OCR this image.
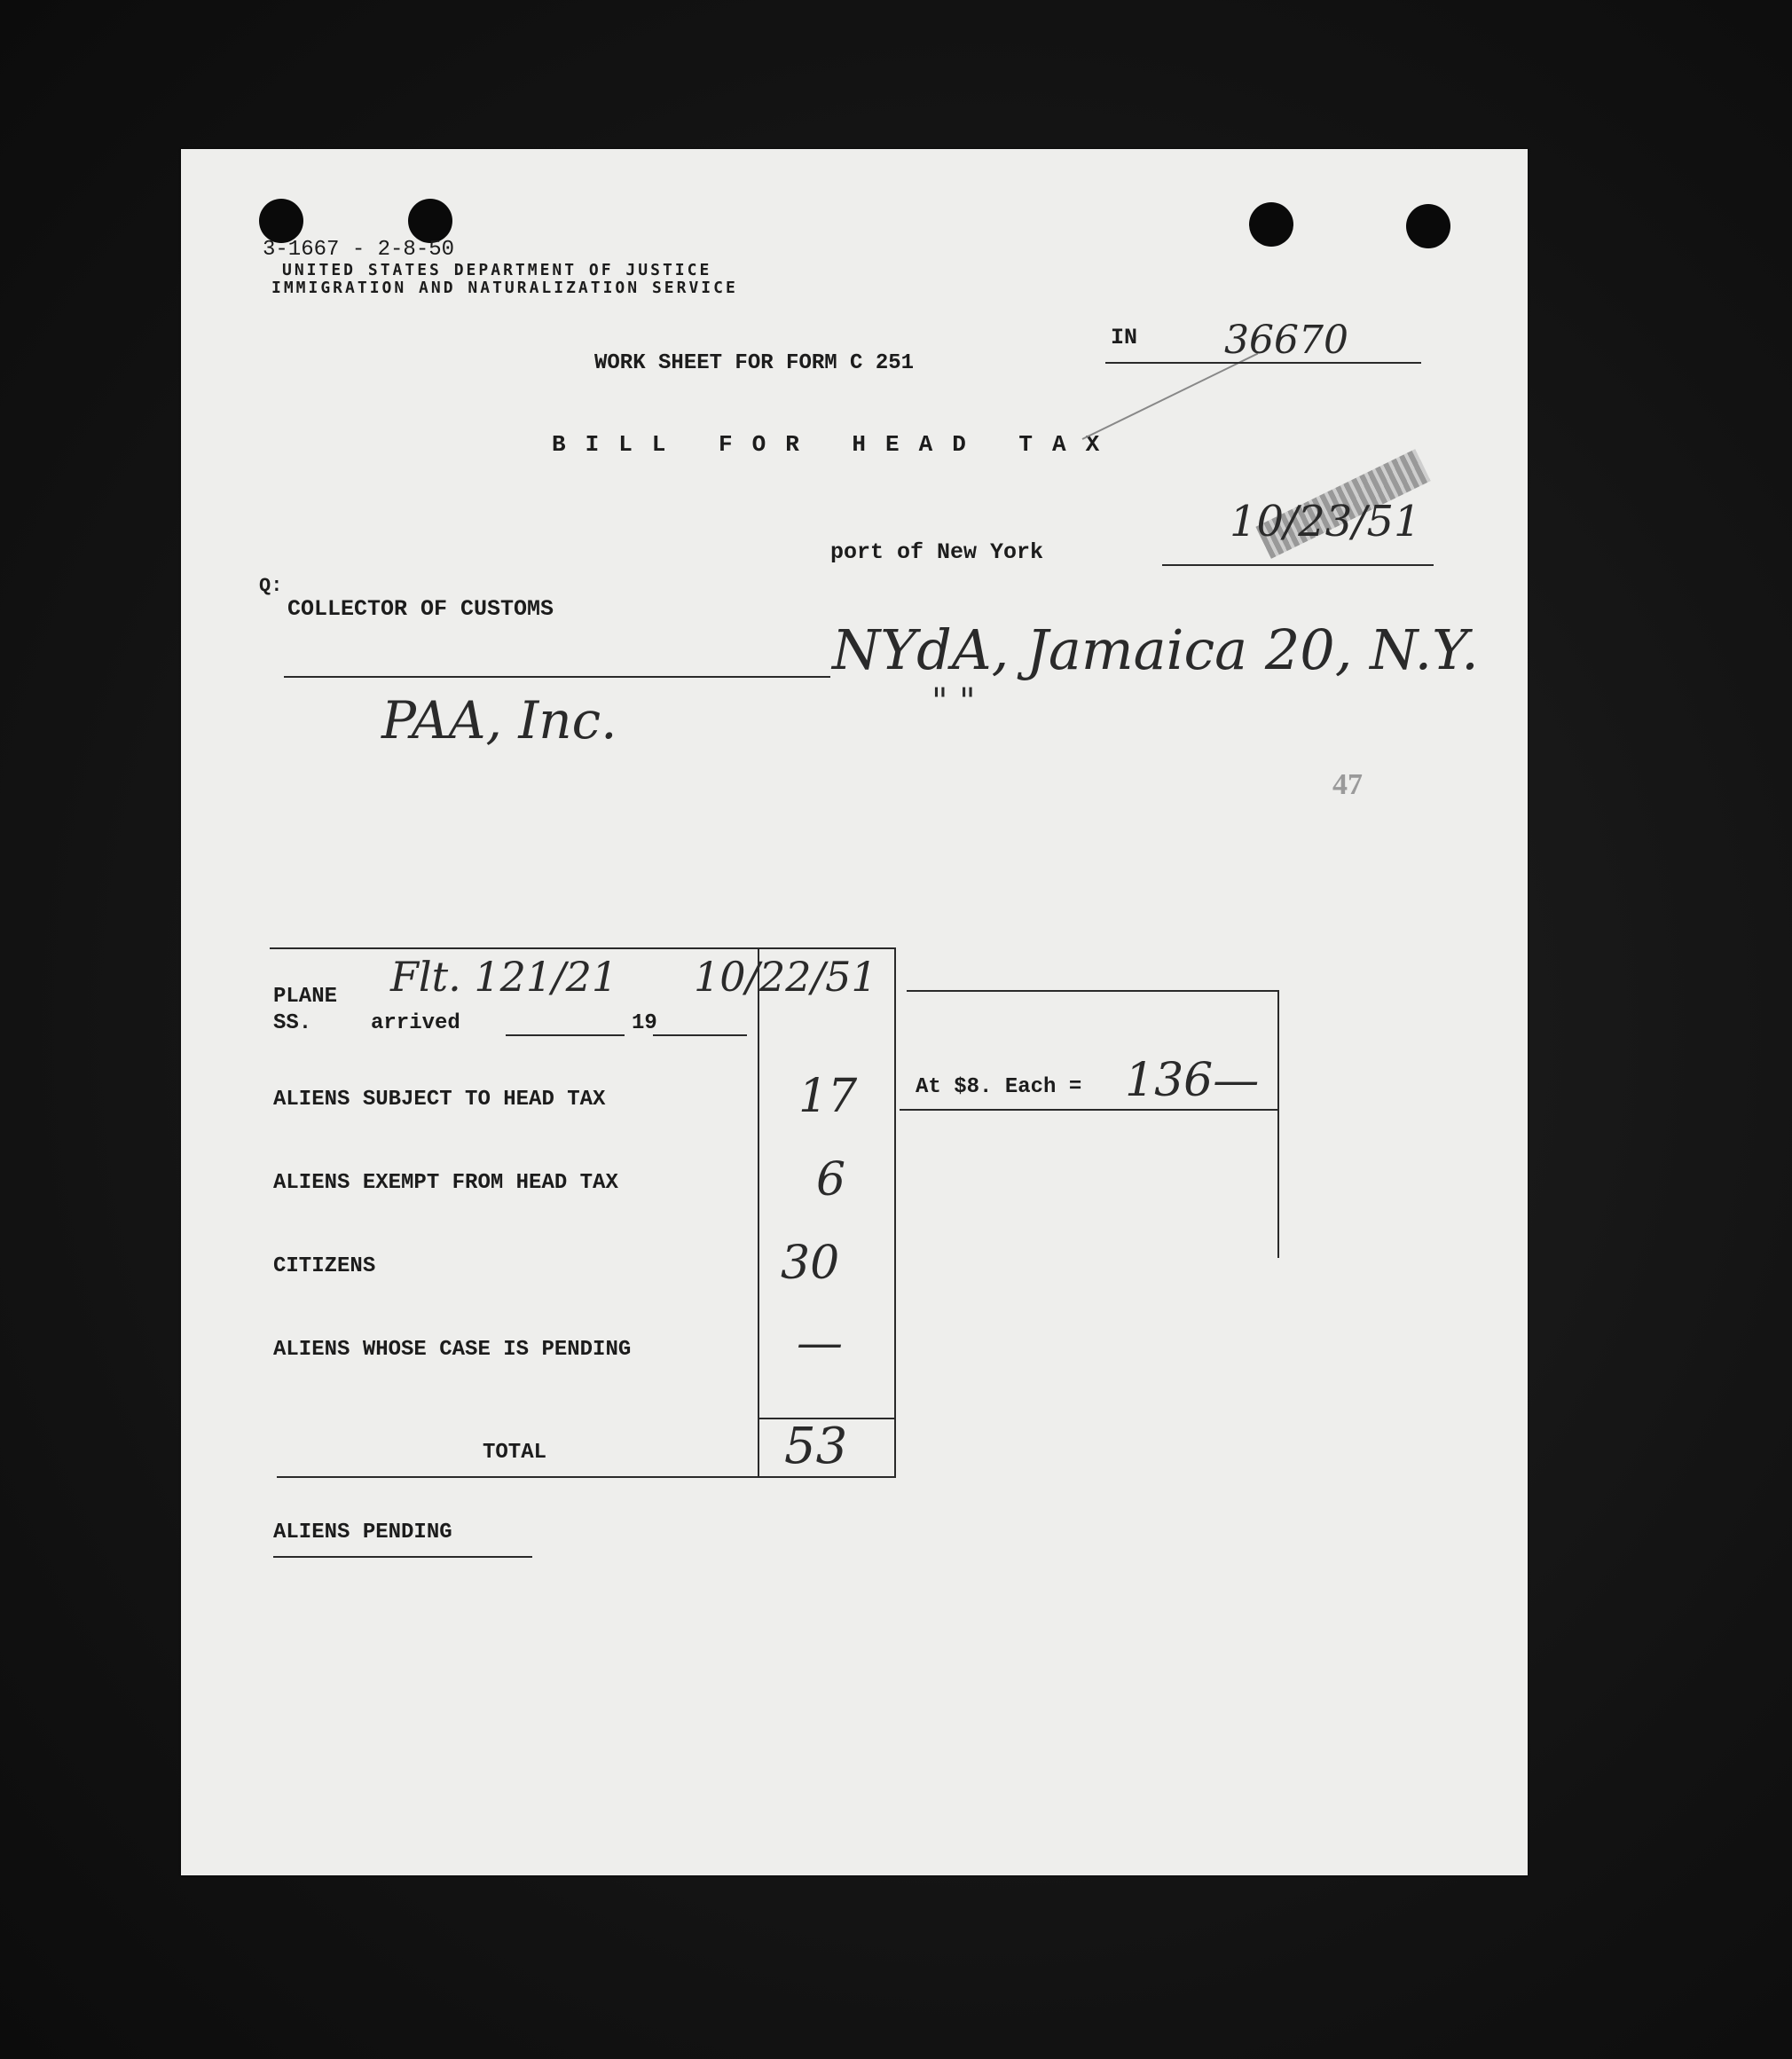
3-1667 - 2-8-50
UNITED STATES DEPARTMENT OF JUSTICE
IMMIGRATION AND NATURALIZATION SERVICE
WORK SHEET FOR FORM C 251
BILL FOR HEAD TAX
IN 36670
port of New York
10/23/51
Q:
COLLECTOR OF CUSTOMS
NYdA, Jamaica 20, N.Y.
" "
PAA, Inc.
47
PLANE
SS.	arrived	19
Flt. 121/21 10/22/51
ALIENS SUBJECT TO HEAD TAX	17
ALIENS EXEMPT FROM HEAD TAX	6
CITIZENS	30
ALIENS WHOSE CASE IS PENDING	—
TOTAL	53
At $8. Each = 136—
ALIENS PENDING
